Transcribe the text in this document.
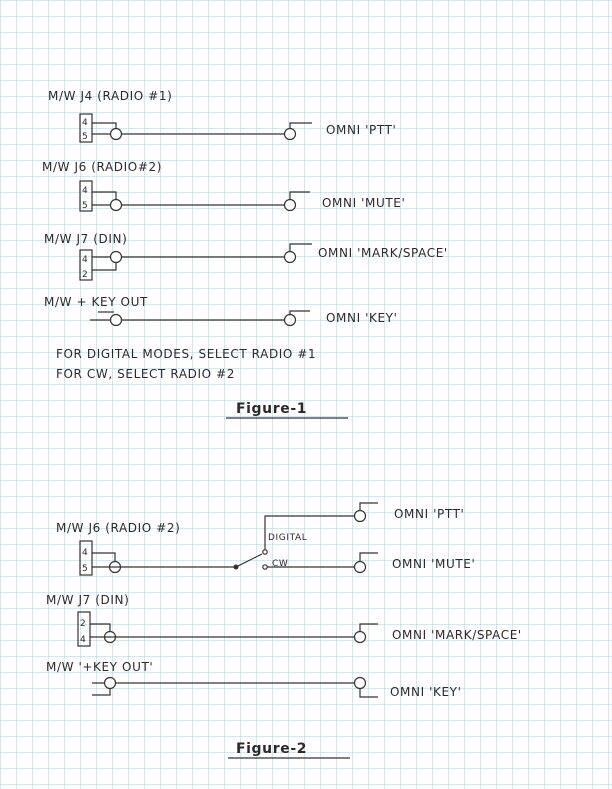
M/W J4 (RADIO #1)
4
5	OMNI 'PTT'
M/W J6 (RADIO#2)
4
5	OMNI 'MUTE'
M/W J7 (DIN)
4
2
OMNI 'MARK/SPACE'
M/W + KEY OUT
OMNI 'KEY'
FOR DIGITAL MODES, SELECT RADIO #1
FOR CW, SELECT RADIO #2
Figure-1
M/W J6 (RADIO #2)
4
5
DIGITAL
CW
M/W J7 (DIN)
2
4
M/W '+KEY OUT'
OMNI 'PTT'
OMNI 'MUTE'
OMNI 'MARK/SPACE'
OMNI 'KEY'
Figure-2
